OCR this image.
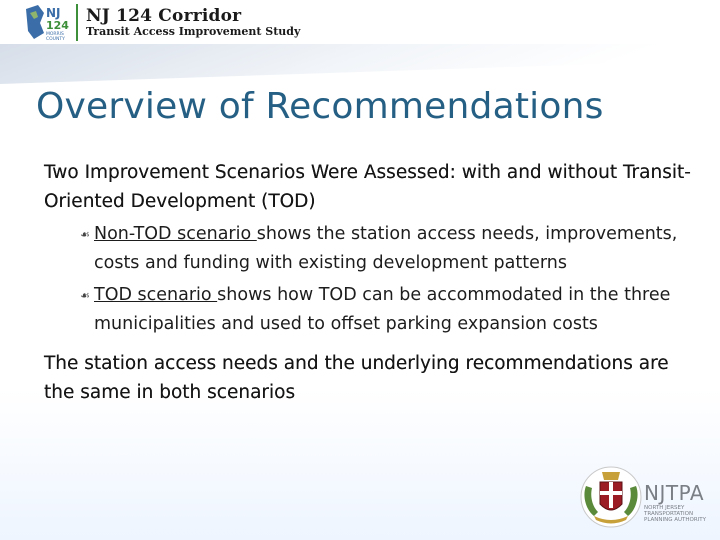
NJ
124
MORRIS
COUNTY
NJ 124 Corridor
Transit Access Improvement Study
Overview of Recommendations

Two Improvement Scenarios Were Assessed: with and without Transit-Oriented Development (TOD)

☙ Non-TOD scenario shows the station access needs, improvements, costs and funding with existing development patterns
☙ TOD scenario shows how TOD can be accommodated in the three municipalities and used to offset parking expansion costs

The station access needs and the underlying recommendations are the same in both scenarios

NJTPA
NORTH JERSEY TRANSPORTATION PLANNING AUTHORITY
